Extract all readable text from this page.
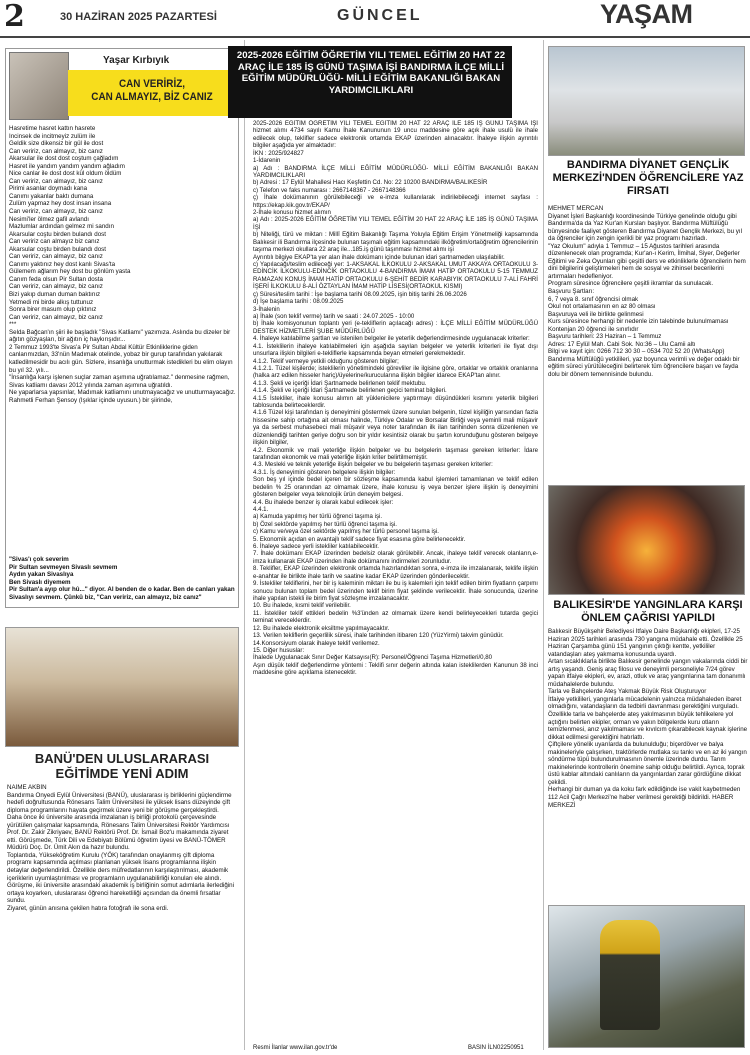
2	30 HAZİRAN 2025 PAZARTESİ	GÜNCEL	YAŞAM
Yaşar Kırbıyık
CAN VERİRİZ,
CAN ALMAYIZ, BİZ CANIZ
Hasretime hasret kattın hasrete
Incinsek de incitmeyiz zulüm ile
Geldik size dikensiz bir gül ile dost
Can veririz, can almayız, biz canız
Akarsular ile dost dost coştum çağladım
Hasret ile yandım yandım yandım ağladım
Nice canlar ile dost dost kül oldum öldüm
Can veririz, can almayız, biz canız
Pirimi asanlar doymadı kana
Canımı yakanlar baktı dumana
Zulüm yapmaz hey dost insan insana
Can veririz, can almayız, biz canız
Nesimi'ler ölmez gafil avlandı
Mazlumlar ardından gelmez mi sandın
Akarsular coştu birden bulandı dost
Can veririz can almayız biz canız
Akarsular coştu birden bulandı dost
Can veririz, can almayız, biz canız
Canımı yaktınız hey dost kanlı Sivas'ta
Gülemem ağlarım hey dost bu gönlüm yasta
Canım feda olsun Pir Sultan dosta
Can veririz, can almayız, biz canız
Bizi yakıp duman duman baktınız
Yetmedi mi birde alkış tuttunuz
Sonra birer masum olup çıktınız
Can veririz, can almayız, biz canız
***
Selda Bağcan'ın şiiri ile başladık "Sivas Katliamı" yazımıza. Aslında bu dizeler bir ağıtın gözyaşları, bir ağıtın iç haykırışıdır...
2 Temmuz 1993'te Sivas'a Pir Sultan Abdal Kültür Etkinliklerine giden canlarımızdan, 33'nün Madımak otelinde, yobaz bir gurup tarafından yakılarak katledilmesidir bu acılı gün. Sizlere, insanlığa unutturmak istedikleri bu elim olayın bu yıl 32. yılı...
"İnsanlığa karşı işlenen suçlar zaman aşımına uğratılamaz." denmesine rağmen, Sivas katliamı davası 2012 yılında zaman aşımına uğratıldı.
Ne yaparlarsa yapsınlar, Madımak katliamını unutmayacağız ve unutturmayacağız.
Rahmetli Ferhan Şensoy (Işıklar içinde uyusun.) bir şiirinde,
"Sivas'ı çok severim
Pir Sultan sevmeyen Sivaslı sevmem
Aydın yakan Sivaslıya
Ben Sivaslı diyemem
Pir Sultan'a ayıp olur hû..." diyor. Al benden de o kadar. Ben de canları yakan Sivaslıyı sevmem. Çünkü biz, "Can veririz, can almayız, biz canız"
BANÜ'DEN ULUSLARARASI EĞİTİMDE YENİ ADIM
NAİME AKBİN
Bandırma Onyedi Eylül Üniversitesi (BANÜ), uluslararası iş birliklerini güçlendirme hedefi doğrultusunda Rönesans Talim Üniversitesi ile yüksek lisans düzeyinde çift diploma programlarını hayata geçirmek üzere yeni bir görüşme gerçekleştirdi.
Daha önce iki üniversite arasında imzalanan iş birliği protokolü çerçevesinde yürütülen çalışmalar kapsamında, Rönesans Talim Üniversitesi Rektör Yardımcısı Prof. Dr. Zakir Zikriyaev, BANÜ Rektörü Prof. Dr. İsmail Boz'u makamında ziyaret etti. Görüşmede, Türk Dili ve Edebiyatı Bölümü öğretim üyesi ve BANÜ-TÖMER Müdürü Doç. Dr. Ümit Akın da hazır bulundu.
Toplantıda, Yükseköğretim Kurulu (YÖK) tarafından onaylanmış çift diploma programı kapsamında açılması planlanan yüksek lisans programlarına ilişkin detaylar değerlendirildi. Özellikle ders müfredatlarının karşılaştırılması, akademik içeriklerin uyumlaştırılması ve programların uygulanabilirliği konuları ele alındı.
Görüşme, iki üniversite arasındaki akademik iş birliğinin somut adımlarla ilerlediğini ortaya koyarken, uluslararası öğrenci hareketliliği açısından da önemli fırsatlar sundu.
Ziyaret, günün anısına çekilen hatıra fotoğrafı ile sona erdi.
2025-2026 EĞİTİM ÖĞRETİM YILI TEMEL EĞİTİM 20 HAT 22 ARAÇ İLE 185 İŞ GÜNÜ TAŞIMA İŞİ BANDIRMA İLÇE MİLLİ EĞİTİM MÜDÜRLÜĞÜ- MİLLİ EĞİTİM BAKANLIĞI BAKAN YARDIMCILIKLARI
2025-2026 EĞİTİM ÖĞRETİM YILI TEMEL EĞİTİM 20 HAT 22 ARAÇ İLE 185 İŞ GÜNÜ TAŞIMA İŞİ hizmet alımı 4734 sayılı Kamu İhale Kanununun 19 uncu maddesine göre açık ihale usulü ile ihale edilecek olup, teklifler sadece elektronik ortamda EKAP üzerinden alınacaktır. İhaleye ilişkin ayrıntılı bilgiler aşağıda yer almaktadır:
İKN : 2025/924827
1-İdarenin
a) Adı : BANDIRMA İLÇE MİLLİ EĞİTİM MÜDÜRLÜĞÜ- MİLLİ EĞİTİM BAKANLIĞI BAKAN YARDIMCILIKLARI
b) Adresi : 17 Eylül Mahallesi Hacı Keşfettin Cd. No: 22 10200 BANDIRMA/BALIKESİR
c) Telefon ve faks numarası : 2667148367 - 2667148366
ç) İhale dokümanının görülebileceği ve e-imza kullanılarak indirilebileceği internet sayfası : https://ekap.kik.gov.tr/EKAP/
2-İhale konusu hizmet alımın
a) Adı : 2025-2026 EĞİTİM ÖĞRETİM YILI TEMEL EĞİTİM 20 HAT 22 ARAÇ İLE 185 İŞ GÜNÜ TAŞIMA İŞİ
b) Niteliği, türü ve miktarı : Millî Eğitim Bakanlığı Taşıma Yoluyla Eğitim Erişim Yönetmeliği kapsamında Balıkesir ili Bandırma ilçesinde bulunan taşımalı eğitim kapsamındaki ilköğretim/ortaöğretim öğrencilerinin taşıma merkezi okullara 22 araç ile...185.iş günü taşınması hizmet alımı işi
Ayrıntılı bilgiye EKAP'ta yer alan ihale dokümanı içinde bulunan idari şartnameden ulaşılabilir.
c) Yapılacağı/teslim edileceği yer: 1-AKSAKAL İLKOKULU 2-AKSAKAL UMUT AKKAYA ORTAOKULU 3-EDİNCİK İLKOKULU-EDİNCİK ORTAOKULU 4-BANDIRMA İMAM HATİP ORTAOKULU 5-15 TEMMUZ RAMAZAN KONUŞ İMAM HATİP ORTAOKULU 6-ŞEHİT BEDİR KARABIYIK ORTAOKULU 7-ALİ FAHRİ İŞERİ İLKOKULU 8-ALİ ÖZTAYLAN İMAM HATİP LİSESİ(ORTAOKUL KISMI)
ç) Süresi/teslim tarihi : İşe başlama tarihi 08.09.2025, işin bitiş tarihi 26.06.2026
d) İşe başlama tarihi : 08.09.2025
3-İhalenin
a) İhale (son teklif verme) tarih ve saati : 24.07.2025 - 10:00
b) İhale komisyonunun toplantı yeri (e-tekliflerin açılacağı adres) : İLÇE MİLLİ EĞİTİM MÜDÜRLÜĞÜ DESTEK HİZMETLERİ ŞUBE MÜDÜRLÜĞÜ
4. İhaleye katılabilme şartları ve istenilen belgeler ile yeterlik değerlendirmesinde uygulanacak kriterler:
4.1. İsteklilerin ihaleye katılabilmeleri için aşağıda sayılan belgeler ve yeterlik kriterleri ile fiyat dışı unsurlara ilişkin bilgileri e-tekliflerle kapsamında beyan etmeleri gerekmektedir.
4.1.2. Teklif vermeye yetkili olduğunu gösteren bilgiler;
4.1.2.1. Tüzel kişilerde; isteklilerin yönetimindeki görevliler ile ilgisine göre, ortaklar ve ortaklık oranlarına (halka arz edilen hisseler hariç)/üyelerine/kurucularına ilişkin bilgiler idarece EKAP'tan alınır.
4.1.3. Şekli ve içeriği İdari Şartnamede belirlenen teklif mektubu.
4.1.4. Şekli ve içeriği İdari Şartnamede belirlenen geçici teminat bilgileri.
4.1.5 İstekliler, ihale konusu alımın alt yüklenicilere yaptırmayı düşündükleri kısmını yeterlik bilgileri tablosunda belirteceklerdir.
4.1.6 Tüzel kişi tarafından iş deneyimini göstermek üzere sunulan belgenin, tüzel kişiliğin yarısından fazla hissesine sahip ortağına ait olması halinde, Türkiye Odalar ve Borsalar Birliği veya yeminli mali müşavir ya da serbest muhasebeci mali müşavir veya noter tarafından ilk ilan tarihinden sonra düzenlenen ve düzenlendiği tarihten geriye doğru son bir yıldır kesintisiz olarak bu şartın korunduğunu gösteren belgeye ilişkin bilgiler,
4.2. Ekonomik ve mali yeterliğe ilişkin belgeler ve bu belgelerin taşıması gereken kriterler: İdare tarafından ekonomik ve mali yeterliğe ilişkin kriter belirtilmemiştir.
4.3. Mesleki ve teknik yeterliğe ilişkin belgeler ve bu belgelerin taşıması gereken kriterler:
4.3.1. İş deneyimini gösteren belgelere ilişkin bilgiler:
Son beş yıl içinde bedel içeren bir sözleşme kapsamında kabul işlemleri tamamlanan ve teklif edilen bedelin % 25 oranından az olmamak üzere, ihale konusu iş veya benzer işlere ilişkin iş deneyimini gösteren belgeler veya teknolojik ürün deneyim belgesi.
4.4. Bu ihalede benzer iş olarak kabul edilecek işler:
4.4.1.
a) Kamuda yapılmış her türlü öğrenci taşıma işi.
b) Özel sektörde yapılmış her türlü öğrenci taşıma işi.
c) Kamu ve/veya özel sektörde yapılmış her türlü personel taşıma işi.
5. Ekonomik açıdan en avantajlı teklif sadece fiyat esasına göre belirlenecektir.
6. İhaleye sadece yerli istekliler katılabilecektir.
7. İhale dokümanı EKAP üzerinden bedelsiz olarak görülebilir. Ancak, ihaleye teklif verecek olanların,e-imza kullanarak EKAP üzerinden ihale dokümanını indirmeleri zorunludur.
8. Teklifler, EKAP üzerinden elektronik ortamda hazırlandıktan sonra, e-imza ile imzalanarak, teklife ilişkin e-anahtar ile birlikte ihale tarih ve saatine kadar EKAP üzerinden gönderilecektir.
9. İstekliler tekliflerini, her bir iş kaleminin miktarı ile bu iş kalemleri için teklif edilen birim fiyatların çarpımı sonucu bulunan toplam bedel üzerinden teklif birim fiyat şeklinde verilecektir. İhale sonucunda, üzerine ihale yapılan istekli ile birim fiyat sözleşme imzalanacaktır.
10. Bu ihalede, kısmi teklif verilebilir.
11. İstekliler teklif ettikleri bedelin %3'ünden az olmamak üzere kendi belirleyecekleri tutarda geçici teminat vereceklerdir.
12. Bu ihalede elektronik eksiltme yapılmayacaktır.
13. Verilen tekliflerin geçerlilik süresi, ihale tarihinden itibaren 120 (YüzYirmi) takvim günüdür.
14.Konsorsiyum olarak ihaleye teklif verilemez.
15. Diğer hususlar:
İhalede Uygulanacak Sınır Değer Katsayısı(R): Personel/Öğrenci Taşıma Hizmetleri/0,80
Aşırı düşük teklif değerlendirme yöntemi : Teklifi sınır değerin altında kalan isteklilerden Kanunun 38 inci maddesine göre açıklama istenecektir.
Resmi İlanlar www.ilan.gov.tr'de	BASIN İLN02250951
BANDIRMA DİYANET GENÇLİK MERKEZİ'NDEN ÖĞRENCİLERE YAZ FIRSATI
MEHMET MERCAN
Diyanet İşleri Başkanlığı koordinesinde Türkiye genelinde olduğu gibi Bandırma'da da Yaz Kur'an Kursları başlıyor. Bandırma Müftülüğü bünyesinde faaliyet gösteren Bandırma Diyanet Gençlik Merkezi, bu yıl da öğrenciler için zengin içerikli bir yaz programı hazırladı.
"Yaz Okulum" adıyla 1 Temmuz – 15 Ağustos tarihleri arasında düzenlenecek olan programda; Kur'an-ı Kerim, İlmihal, Siyer, Değerler Eğitimi ve Zeka Oyunları gibi çeşitli ders ve etkinliklerle öğrencilerin hem dini bilgilerini geliştirmeleri hem de sosyal ve zihinsel becerilerini artırmaları hedefleniyor.
Program süresince öğrencilere çeşitli ikramlar da sunulacak.
Başvuru Şartları:
6, 7 veya 8. sınıf öğrencisi olmak
Okul not ortalamasının en az 80 olması
Başvuruya veli ile birlikte gelinmesi
Kurs süresince herhangi bir nedenle izin talebinde bulunulmaması
Kontenjan 20 öğrenci ile sınırlıdır
Başvuru tarihleri: 23 Haziran – 1 Temmuz
Adres: 17 Eylül Mah. Cabi Sok. No:36 – Ulu Camii altı
Bilgi ve kayıt için: 0266 712 30 30 – 0534 702 52 20 (WhatsApp)
Bandırma Müftülüğü yetkilileri, yaz boyunca verimli ve değer odaklı bir eğitim süreci yürütüleceğini belirterek tüm öğrencilere başarı ve fayda dolu bir dönem temennisinde bulundu.
BALIKESİR'DE YANGINLARA KARŞI ÖNLEM ÇAĞRISI YAPILDI
Balıkesir Büyükşehir Belediyesi İtfaiye Daire Başkanlığı ekipleri, 17-25 Haziran 2025 tarihleri arasında 730 yangına müdahale etti. Özellikle 25 Haziran Çarşamba günü 151 yangının çıktığı kentte, yetkililer vatandaşları ateş yakmama konusunda uyardı.
Artan sıcaklıklarla birlikte Balıkesir genelinde yangın vakalarında ciddi bir artış yaşandı. Geniş araç filosu ve deneyimli personeliyle 7/24 görev yapan itfaiye ekipleri, ev, arazi, otluk ve araç yangınlarına tam donanımlı müdahalelerde bulundu.
Tarla ve Bahçelerde Ateş Yakmak Büyük Risk Oluşturuyor
İtfaiye yetkilileri, yangınlarla mücadelenin yalnızca müdahaleden ibaret olmadığını, vatandaşların da tedbirli davranması gerektiğini vurguladı. Özellikle tarla ve bahçelerde ateş yakılmasının büyük tehlikelere yol açtığını belirten ekipler, orman ve yakın bölgelerde kuru otların temizlenmesi, anız yakılmaması ve kıvılcım çıkarabilecek kaynak işlerine dikkat edilmesi gerektiğini hatırlattı.
Çiftçilere yönelik uyarılarda da bulunulduğu; biçerdöver ve balya makineleriyle çalışırken, traktörlerde mutlaka su tankı ve en az iki yangın söndürme tüpü bulundurulmasının önemle üzerinde durdu. Tarım makinelerinde kontrollerin önemine sahip olduğu belirtildi. Ayrıca, toprak üstü kablar altındaki canlıların da yangınlardan zarar gördüğüne dikkat çekildi.
Herhangi bir duman ya da koku fark edildiğinde ise vakit kaybetmeden 112 Acil Çağrı Merkezi'ne haber verilmesi gerektiği bildirildi. HABER MERKEZİ
